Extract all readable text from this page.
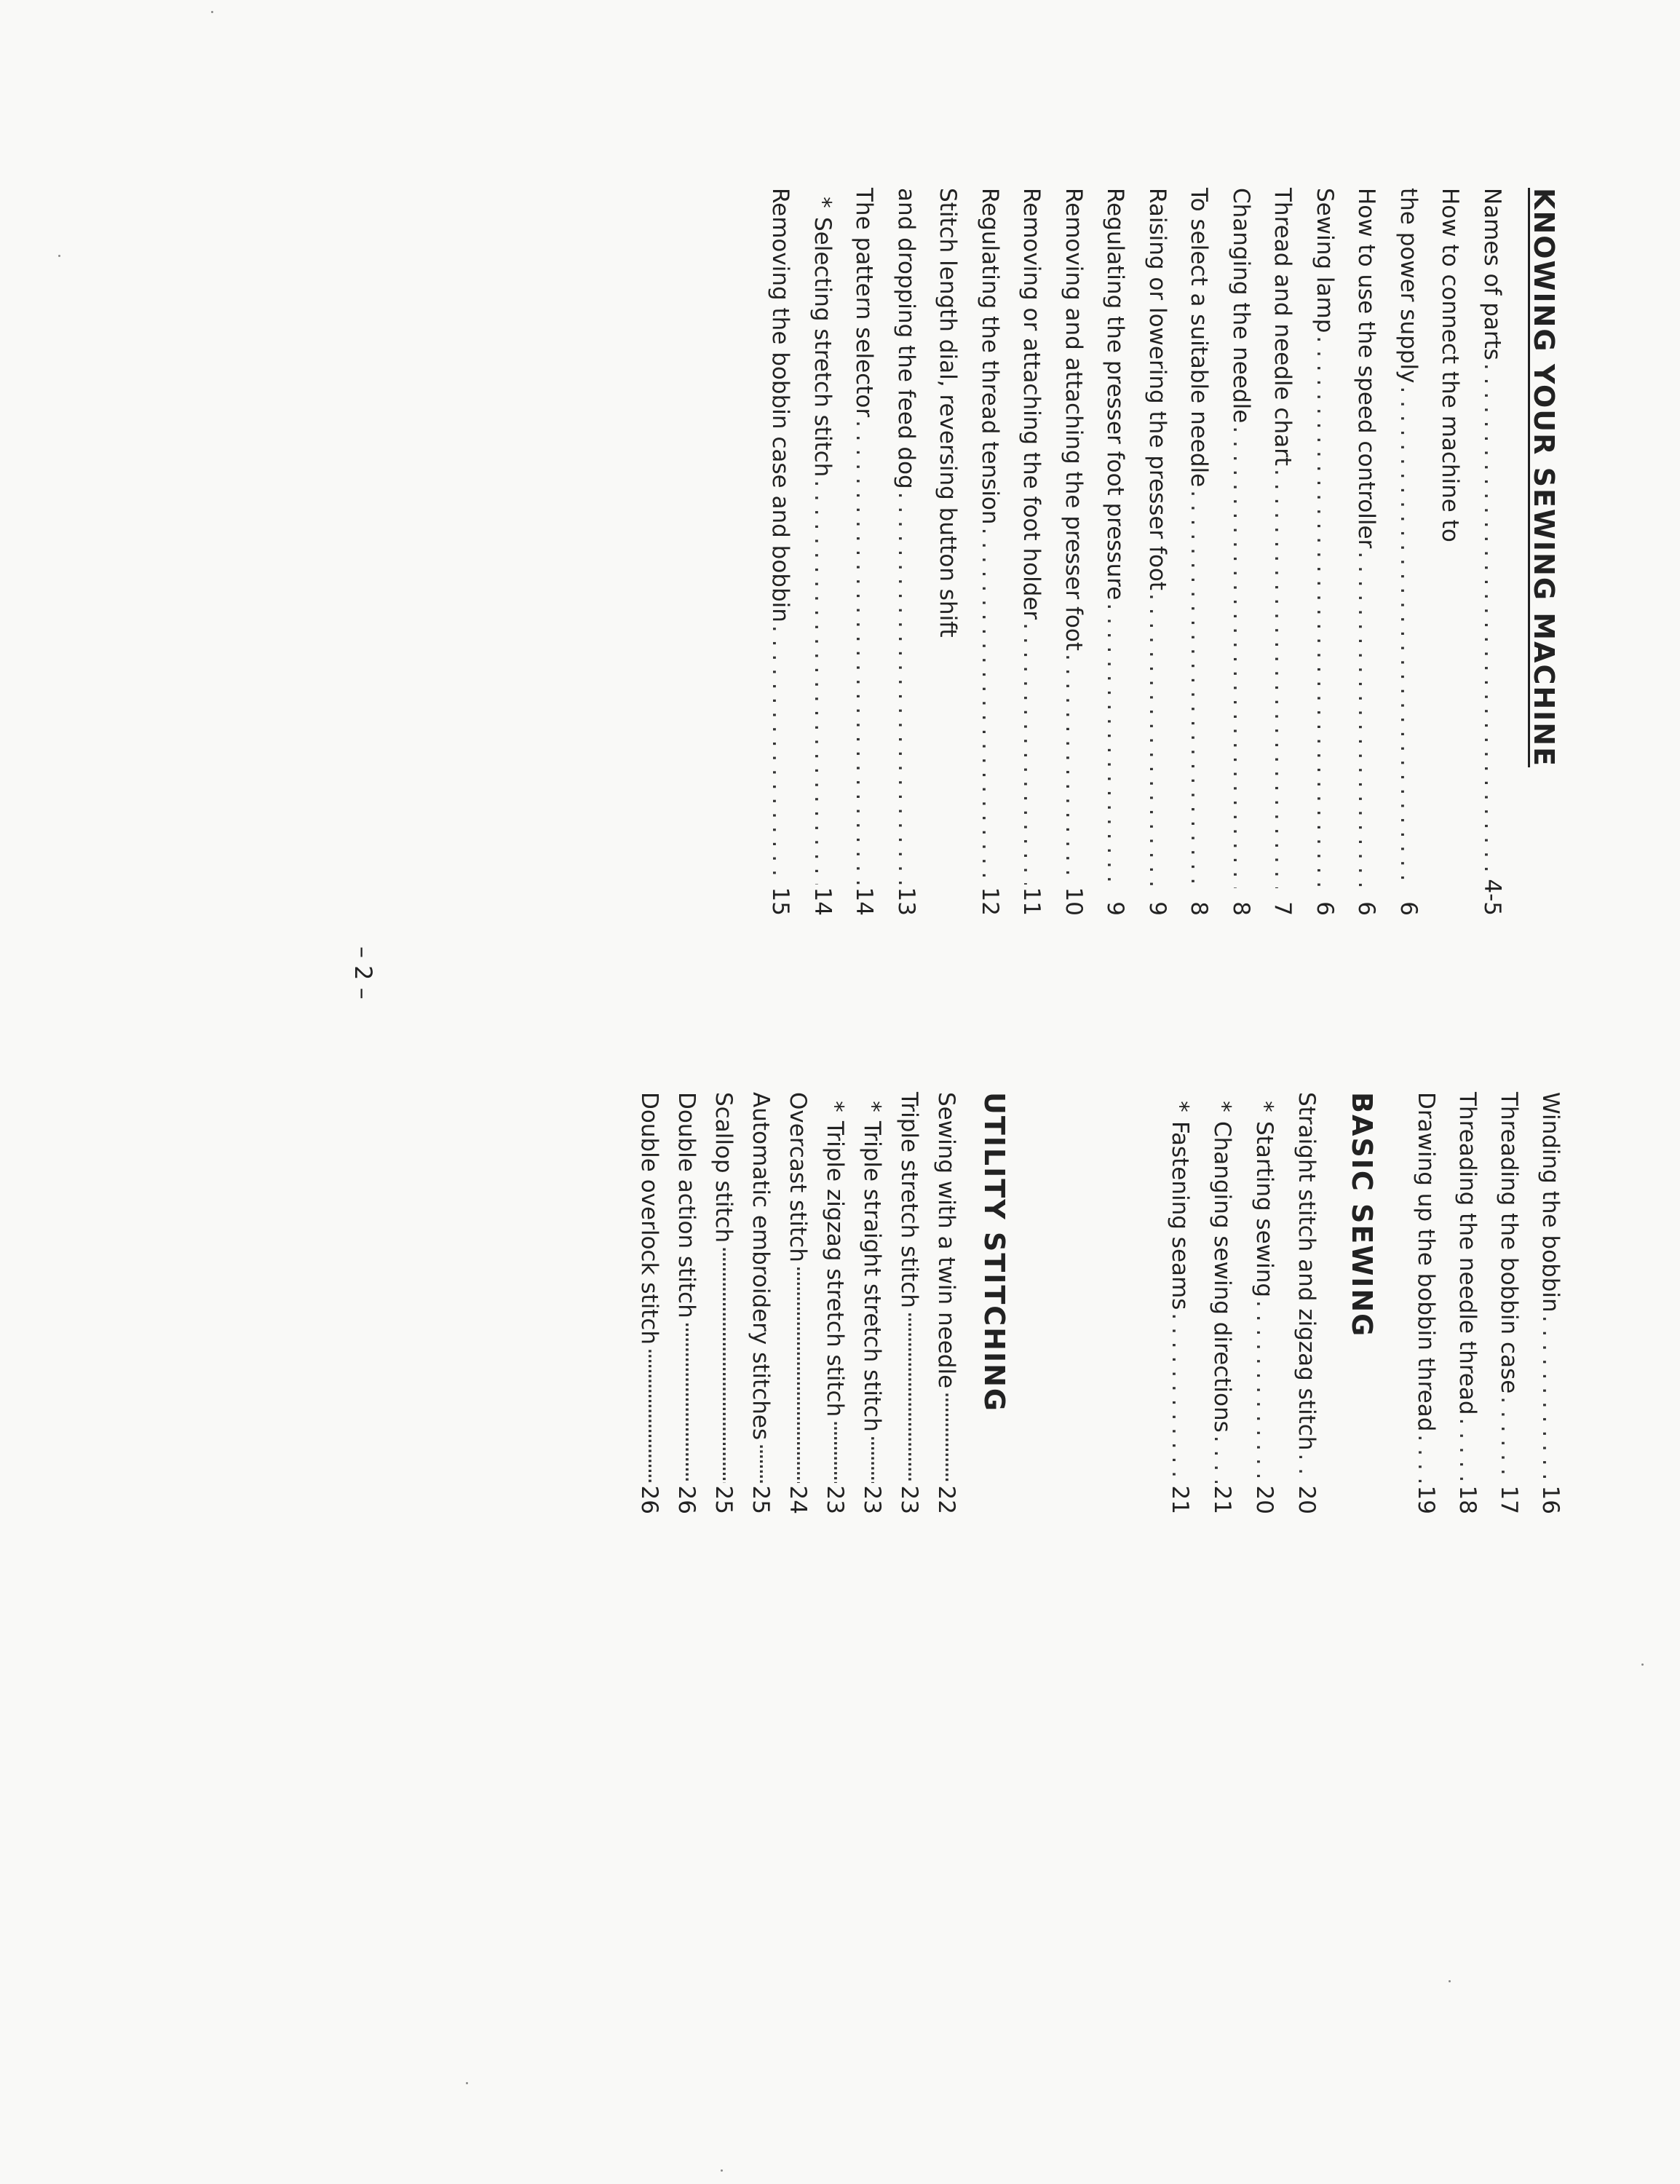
KNOWING YOUR SEWING MACHINE
Names of parts
. . .
4-5
How to connect the machine to
the power supply
. . .
6
How to use the speed controller
. . .
6
Sewing lamp
. . .
6
Thread and needle chart
. . .
7
Changing the needle
. . .
8
To select a suitable needle
. . .
8
Raising or lowering the presser foot
. . .
9
Regulating the presser foot pressure
. . .
9
Removing and attaching the presser foot
. . .
10
Removing or attaching the foot holder
. . .
11
Regulating the thread tension
. . .
12
Stitch length dial, reversing button shift
and dropping the feed dog
. . .
13
The pattern selector
. . .
14
*Selecting stretch stitch
. . .
14
Removing the bobbin case and bobbin
. . .
15
Winding the bobbin
. . .
16
Threading the bobbin case
. . .
17
Threading the needle thread
. . .
18
Drawing up the bobbin thread
. . .
19
BASIC SEWING
Straight stitch and zigzag stitch
. . .
20
*Starting sewing
. . .
20
*Changing sewing directions
. . .
21
*Fastening seams
. . .
21
UTILITY STITCHING
Sewing with a twin needle
·····
22
Triple stretch stitch
·····
23
*Triple straight stretch stitch
·····
23
*Triple zigzag stretch stitch
·····
23
Overcast stitch
·····
24
Automatic embroidery stitches
·····
25
Scallop stitch
·····
25
Double action stitch
·····
26
Double overlock stitch
·····
26
– 2 –
